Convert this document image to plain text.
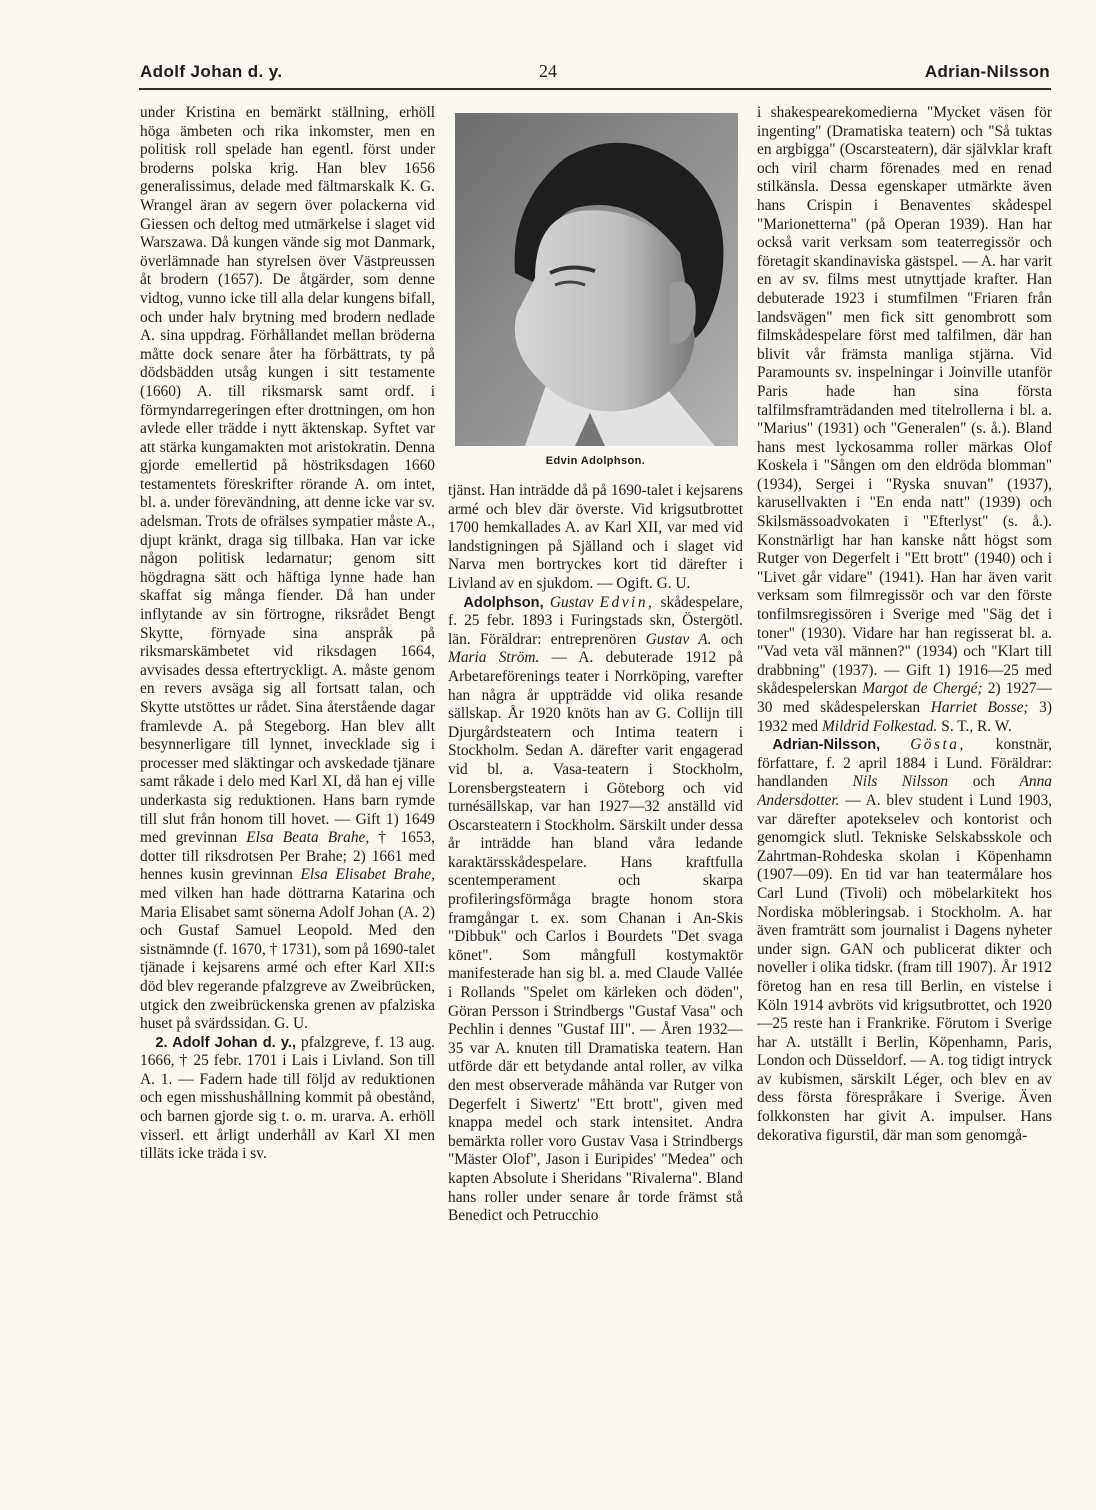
Adolf Johan d. y.	24	Adrian-Nilsson

under Kristina en bemärkt ställning, erhöll höga ämbeten och rika inkomster, men en politisk roll spelade han egentl. först under broderns polska krig. Han blev 1656 generalissimus, delade med fältmarskalk K. G. Wrangel äran av segern över polackerna vid Giessen och deltog med utmärkelse i slaget vid Warszawa. Då kungen vände sig mot Danmark, överlämnade han styrelsen över Västpreussen åt brodern (1657). De åtgärder, som denne vidtog, vunno icke till alla delar kungens bifall, och under halv brytning med brodern nedlade A. sina uppdrag. Förhållandet mellan bröderna måtte dock senare åter ha förbättrats, ty på dödsbädden utsåg kungen i sitt testamente (1660) A. till riksmarsk samt ordf. i förmyndarregeringen efter drottningen, om hon avlede eller trädde i nytt äktenskap. Syftet var att stärka kungamakten mot aristokratin. Denna gjorde emellertid på höstriksdagen 1660 testamentets föreskrifter rörande A. om intet, bl. a. under förevändning, att denne icke var sv. adelsman. Trots de ofrälses sympatier måste A., djupt kränkt, draga sig tillbaka. Han var icke någon politisk ledarnatur; genom sitt högdragna sätt och häftiga lynne hade han skaffat sig många fiender. Då han under inflytande av sin förtrogne, riksrådet Bengt Skytte, förnyade sina anspråk på riksmarskämbetet vid riksdagen 1664, avvisades dessa eftertryckligt. A. måste genom en revers avsäga sig all fortsatt talan, och Skytte utstöttes ur rådet. Sina återstående dagar framlevde A. på Stegeborg. Han blev allt besynnerligare till lynnet, invecklade sig i processer med släktingar och avskedade tjänare samt råkade i delo med Karl XI, då han ej ville underkasta sig reduktionen. Hans barn rymde till slut från honom till hovet. — Gift 1) 1649 med grevinnan Elsa Beata Brahe, † 1653, dotter till riksdrotsen Per Brahe; 2) 1661 med hennes kusin grevinnan Elsa Elisabet Brahe, med vilken han hade döttrarna Katarina och Maria Elisabet samt sönerna Adolf Johan (A. 2) och Gustaf Samuel Leopold. Med den sistnämnde (f. 1670, † 1731), som på 1690-talet tjänade i kejsarens armé och efter Karl XII:s död blev regerande pfalzgreve av Zweibrücken, utgick den zweibrückenska grenen av pfalziska huset på svärdssidan. G. U.

 2. Adolf Johan d. y., pfalzgreve, f. 13 aug. 1666, † 25 febr. 1701 i Lais i Livland. Son till A. 1. — Fadern hade till följd av reduktionen och egen misshushållning kommit på obestånd, och barnen gjorde sig t. o. m. urarva. A. erhöll visserl. ett årligt underhåll av Karl XI men tilläts icke träda i sv.

Edvin Adolphson.

tjänst. Han inträdde då på 1690-talet i kejsarens armé och blev där överste. Vid krigsutbrottet 1700 hemkallades A. av Karl XII, var med vid landstigningen på Själland och i slaget vid Narva men bortryckes kort tid därefter i Livland av en sjukdom. — Ogift. G. U.

 Adolphson, Gustav Edvin, skådespelare, f. 25 febr. 1893 i Furingstads skn, Östergötl. län. Föräldrar: entreprenören Gustav A. och Maria Ström. — A. debuterade 1912 på Arbetareförenings teater i Norrköping, varefter han några år uppträdde vid olika resande sällskap. År 1920 knöts han av G. Collijn till Djurgårdsteatern och Intima teatern i Stockholm. Sedan A. därefter varit engagerad vid bl. a. Vasa-teatern i Stockholm, Lorensbergsteatern i Göteborg och vid turnésällskap, var han 1927—32 anställd vid Oscarsteatern i Stockholm. Särskilt under dessa år inträdde han bland våra ledande karaktärsskådespelare. Hans kraftfulla scentemperament och skarpa profileringsförmåga bragte honom stora framgångar t. ex. som Chanan i An-Skis "Dibbuk" och Carlos i Bourdets "Det svaga könet". Som mångfull kostymaktör manifesterade han sig bl. a. med Claude Vallée i Rollands "Spelet om kärleken och döden", Göran Persson i Strindbergs "Gustaf Vasa" och Pechlin i dennes "Gustaf III". — Åren 1932—35 var A. knuten till Dramatiska teatern. Han utförde där ett betydande antal roller, av vilka den mest observerade måhända var Rutger von Degerfelt i Siwertz' "Ett brott", given med knappa medel och stark intensitet. Andra bemärkta roller voro Gustav Vasa i Strindbergs "Mäster Olof", Jason i Euripides' "Medea" och kapten Absolute i Sheridans "Rivalerna". Bland hans roller under senare år torde främst stå Benedict och Petrucchio

i shakespearekomedierna "Mycket väsen för ingenting" (Dramatiska teatern) och "Så tuktas en argbigga" (Oscarsteatern), där självklar kraft och viril charm förenades med en renad stilkänsla. Dessa egenskaper utmärkte även hans Crispin i Benaventes skådespel "Marionetterna" (på Operan 1939). Han har också varit verksam som teaterregissör och företagit skandinaviska gästspel. — A. har varit en av sv. films mest utnyttjade krafter. Han debuterade 1923 i stumfilmen "Friaren från landsvägen" men fick sitt genombrott som filmskådespelare först med talfilmen, där han blivit vår främsta manliga stjärna. Vid Paramounts sv. inspelningar i Joinville utanför Paris hade han sina första talfilmsframträdanden med titelrollerna i bl. a. "Marius" (1931) och "Generalen" (s. å.). Bland hans mest lyckosamma roller märkas Olof Koskela i "Sången om den eldröda blomman" (1934), Sergei i "Ryska snuvan" (1937), karusellvakten i "En enda natt" (1939) och Skilsmässoadvokaten i "Efterlyst" (s. å.). Konstnärligt har han kanske nått högst som Rutger von Degerfelt i "Ett brott" (1940) och i "Livet går vidare" (1941). Han har även varit verksam som filmregissör och var den förste tonfilmsregissören i Sverige med "Säg det i toner" (1930). Vidare har han regisserat bl. a. "Vad veta väl männen?" (1934) och "Klart till drabbning" (1937). — Gift 1) 1916—25 med skådespelerskan Margot de Chergé; 2) 1927—30 med skådespelerskan Harriet Bosse; 3) 1932 med Mildrid Folkestad. S. T., R. W.

 Adrian-Nilsson, Gösta, konstnär, författare, f. 2 april 1884 i Lund. Föräldrar: handlanden Nils Nilsson och Anna Andersdotter. — A. blev student i Lund 1903, var därefter apotekselev och kontorist och genomgick slutl. Tekniske Selskabsskole och Zahrtman-Rohdeska skolan i Köpenhamn (1907—09). En tid var han teatermålare hos Carl Lund (Tivoli) och möbelarkitekt hos Nordiska möbleringsab. i Stockholm. A. har även framträtt som journalist i Dagens nyheter under sign. GAN och publicerat dikter och noveller i olika tidskr. (fram till 1907). År 1912 företog han en resa till Berlin, en vistelse i Köln 1914 avbröts vid krigsutbrottet, och 1920—25 reste han i Frankrike. Förutom i Sverige har A. utställt i Berlin, Köpenhamn, Paris, London och Düsseldorf. — A. tog tidigt intryck av kubismen, särskilt Léger, och blev en av dess första förespråkare i Sverige. Även folkkonsten har givit A. impulser. Hans dekorativa figurstil, där man som genomgå-
